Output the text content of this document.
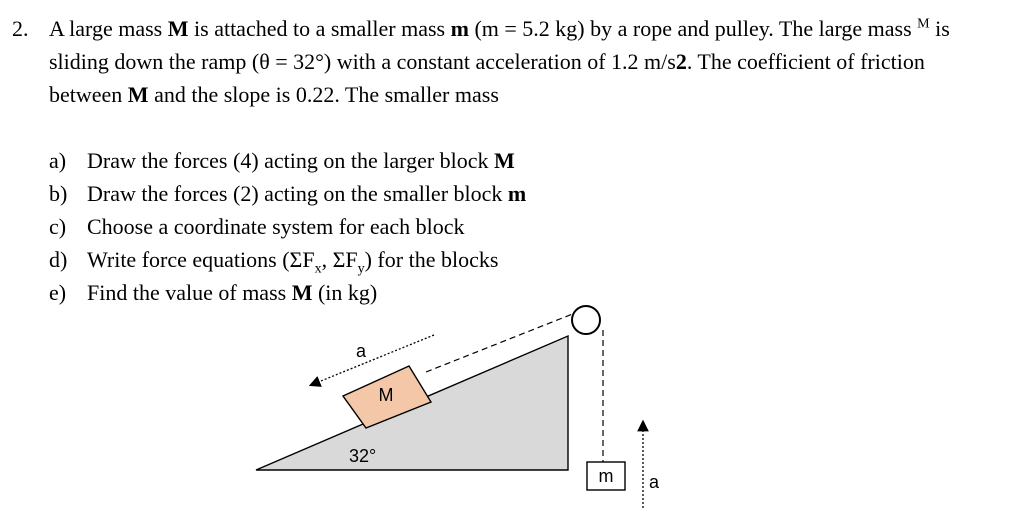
2. A large mass M is attached to a smaller mass m (m = 5.2 kg) by a rope and pulley. The large mass $^M$ is sliding down the ramp (θ = 32°) with a constant acceleration of 1.2 m/s2. The coefficient of friction between M and the slope is 0.22. The smaller mass
a) Draw the forces (4) acting on the larger block M
b) Draw the forces (2) acting on the smaller block m
c) Choose a coordinate system for each block
d) Write force equations ($\Sigma F_x$, $\Sigma F_y$) for the blocks
e) Find the value of mass M (in kg)
M
a
32°
m a
